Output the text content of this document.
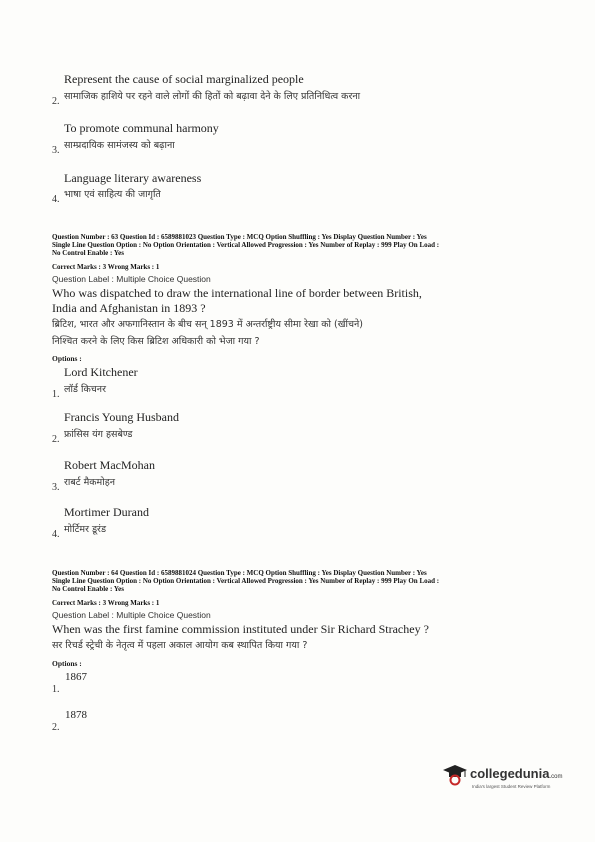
Represent the cause of social marginalized people
2. सामाजिक हाशिये पर रहने वाले लोगों की हितों को बढ़ावा देने के लिए प्रतिनिधित्व करना
To promote communal harmony
3. साम्प्रदायिक सामंजस्य को बढ़ाना
Language literary awareness
4. भाषा एवं साहित्य की जागृति
Question Number : 63 Question Id : 6589881023 Question Type : MCQ Option Shuffling : Yes Display Question Number : Yes
Single Line Question Option : No Option Orientation : Vertical Allowed Progression : Yes Number of Replay : 999 Play On Load :
No Control Enable : Yes
Correct Marks : 3 Wrong Marks : 1
Question Label : Multiple Choice Question
Who was dispatched to draw the international line of border between British,
India and Afghanistan in 1893 ?
ब्रिटिश, भारत और अफगानिस्तान के बीच सन् 1893 में अन्तर्राष्ट्रीय सीमा रेखा को (खींचने)
निश्चित करने के लिए किस ब्रिटिश अधिकारी को भेजा गया ?
Options :
Lord Kitchener
1. लॉर्ड किचनर
Francis Young Husband
2. फ्रांसिस यंग हसबेण्ड
Robert MacMohan
3. राबर्ट मैकमोहन
Mortimer Durand
4. मोर्टिमर डूरंड
Question Number : 64 Question Id : 6589881024 Question Type : MCQ Option Shuffling : Yes Display Question Number : Yes
Single Line Question Option : No Option Orientation : Vertical Allowed Progression : Yes Number of Replay : 999 Play On Load :
No Control Enable : Yes
Correct Marks : 3 Wrong Marks : 1
Question Label : Multiple Choice Question
When was the first famine commission instituted under Sir Richard Strachey ?
सर रिचर्ड स्ट्रेची के नेतृत्व में पहला अकाल आयोग कब स्थापित किया गया ?
Options :
1867
1.
1878
2.
collegedunia.com
India's largest Student Review Platform
